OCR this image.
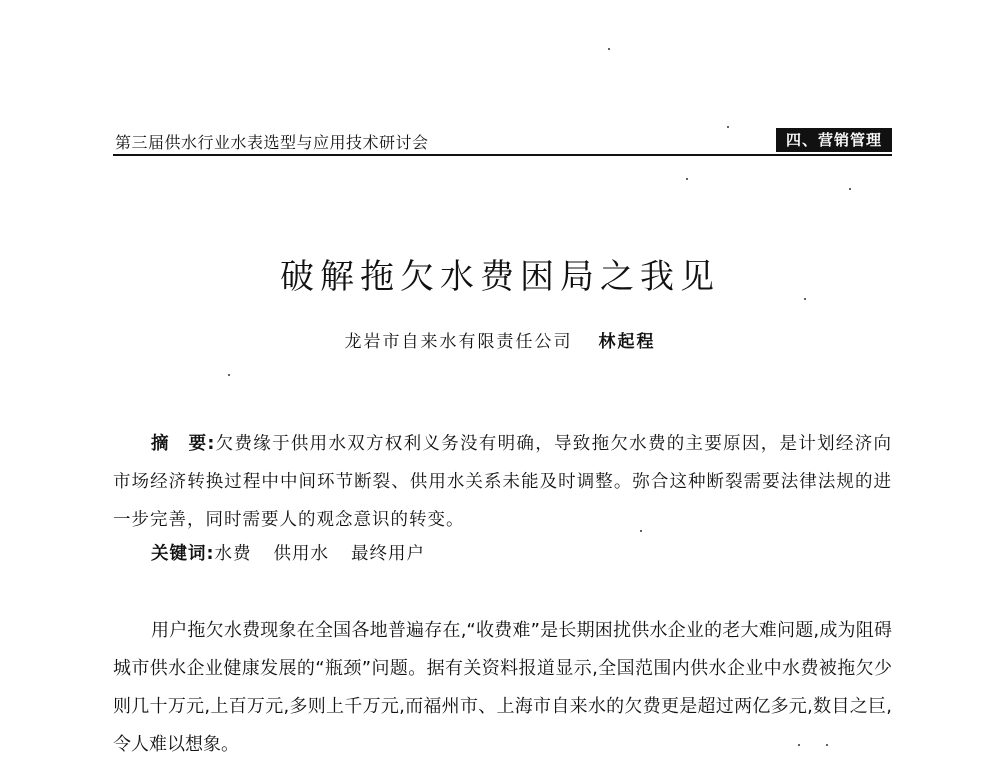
第三届供水行业水表选型与应用技术研讨会	四、营销管理
破解拖欠水费困局之我见
龙岩市自来水有限责任公司 林起程

摘　要:欠费缘于供用水双方权利义务没有明确，导致拖欠水费的主要原因，是计划经济向市场经济转换过程中中间环节断裂、供用水关系未能及时调整。弥合这种断裂需要法律法规的进一步完善，同时需要人的观念意识的转变。

关键词:水费 供用水 最终用户

用户拖欠水费现象在全国各地普遍存在,“收费难”是长期困扰供水企业的老大难问题,成为阻碍城市供水企业健康发展的“瓶颈”问题。据有关资料报道显示,全国范围内供水企业中水费被拖欠少则几十万元,上百万元,多则上千万元,而福州市、上海市自来水的欠费更是超过两亿多元,数目之巨,令人难以想象。
